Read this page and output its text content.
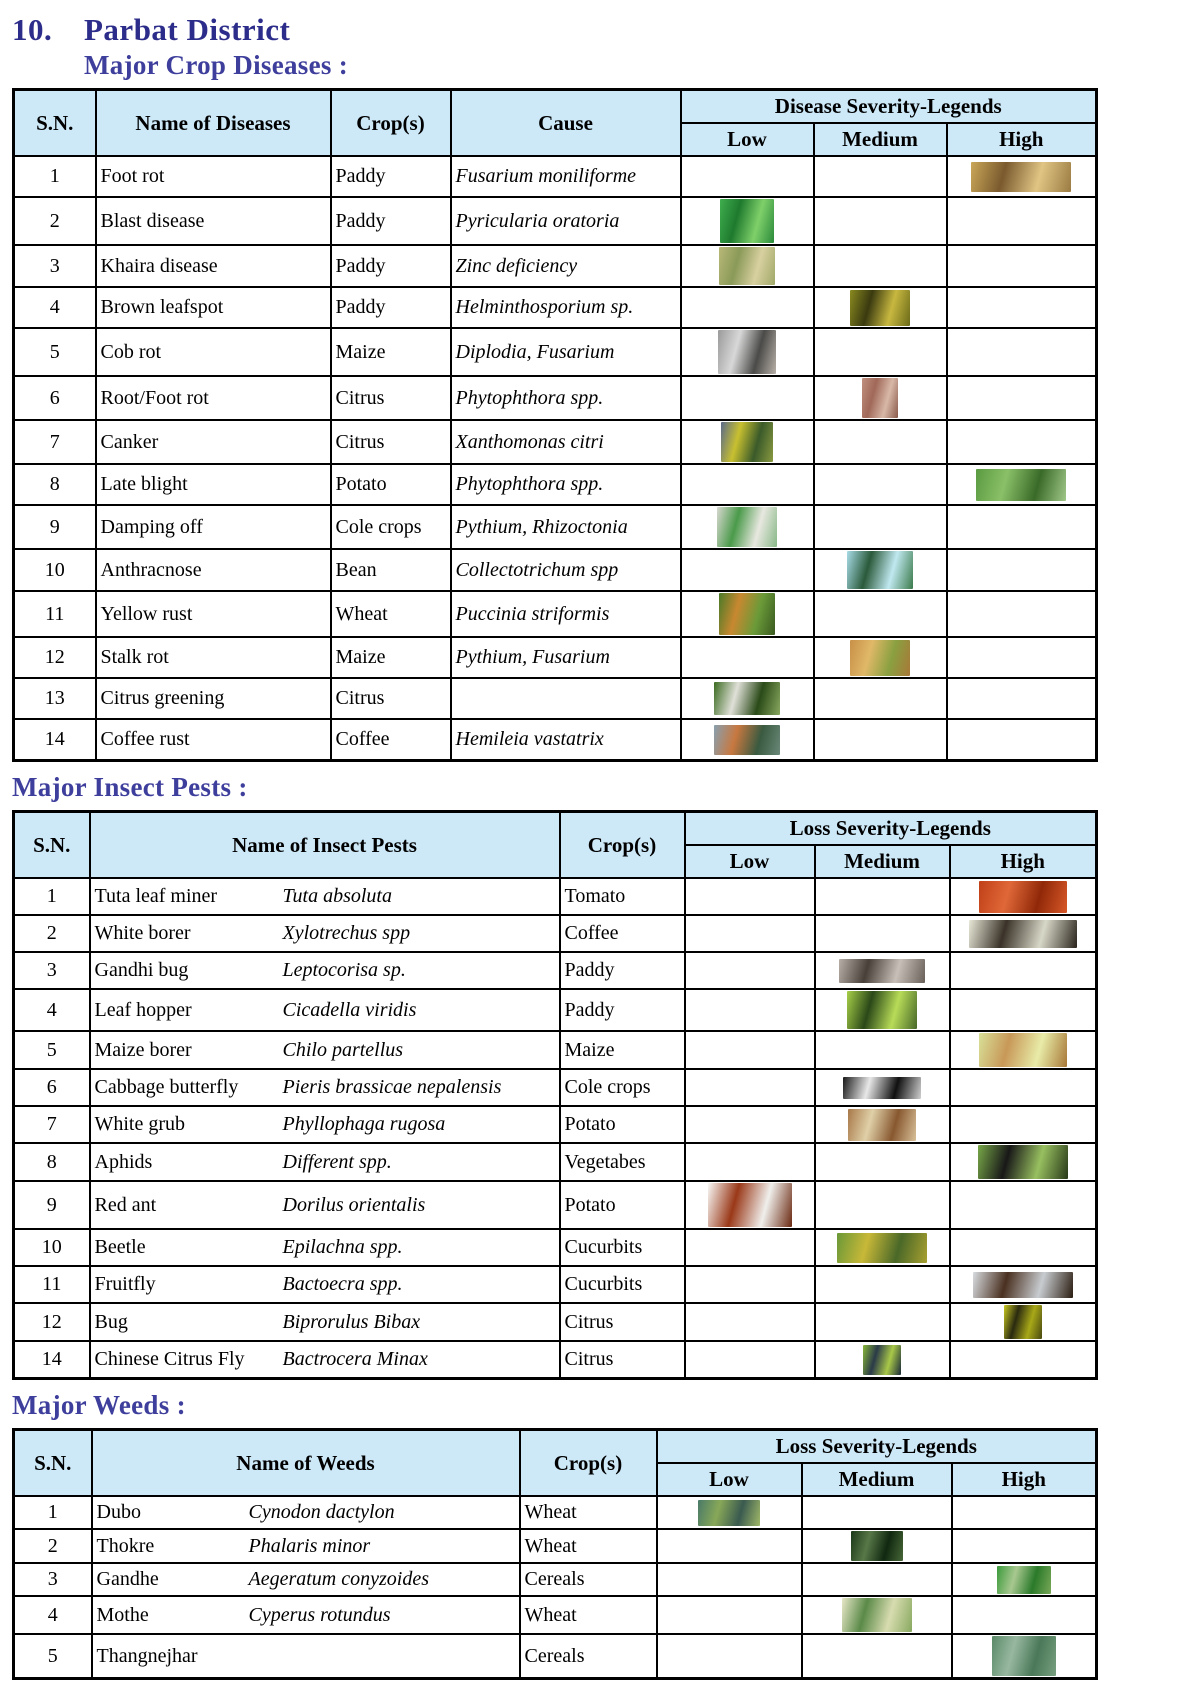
10.	Parbat District
Major Crop Diseases :
S.N.	Name of Diseases	Crop(s)	Cause	Disease Severity-Legends		
				Low	Medium	High
1	Foot rot	Paddy	Fusarium moniliforme			
2	Blast disease	Paddy	Pyricularia oratoria			
3	Khaira disease	Paddy	Zinc deficiency			
4	Brown leafspot	Paddy	Helminthosporium sp.			
5	Cob rot	Maize	Diplodia, Fusarium			
6	Root/Foot rot	Citrus	Phytophthora spp.			
7	Canker	Citrus	Xanthomonas citri			
8	Late blight	Potato	Phytophthora spp.			
9	Damping off	Cole crops	Pythium, Rhizoctonia			
10	Anthracnose	Bean	Collectotrichum spp			
11	Yellow rust	Wheat	Puccinia striformis			
12	Stalk rot	Maize	Pythium, Fusarium			
13	Citrus greening	Citrus				
14	Coffee rust	Coffee	Hemileia vastatrix			
Major Insect Pests :
S.N.	Name of Insect Pests	Crop(s)	Loss Severity-Legends		
			Low	Medium	High
1	Tuta leaf miner Tuta absoluta	Tomato			
2	White borer Xylotrechus spp	Coffee			
3	Gandhi bug Leptocorisa sp.	Paddy			
4	Leaf hopper Cicadella viridis	Paddy			
5	Maize borer Chilo partellus	Maize			
6	Cabbage butterfly Pieris brassicae nepalensis	Cole crops			
7	White grub Phyllophaga rugosa	Potato			
8	Aphids Different spp.	Vegetabes			
9	Red ant Dorilus orientalis	Potato			
10	Beetle Epilachna spp.	Cucurbits			
11	Fruitfly Bactoecra spp.	Cucurbits			
12	Bug Biprorulus Bibax	Citrus			
14	Chinese Citrus Fly Bactrocera Minax	Citrus			
Major Weeds :
S.N.	Name of Weeds	Crop(s)	Loss Severity-Legends		
			Low	Medium	High
1	Dubo Cynodon dactylon	Wheat			
2	Thokre Phalaris minor	Wheat			
3	Gandhe Aegeratum conyzoides	Cereals			
4	Mothe Cyperus rotundus	Wheat			
5	Thangnejhar	Cereals			
